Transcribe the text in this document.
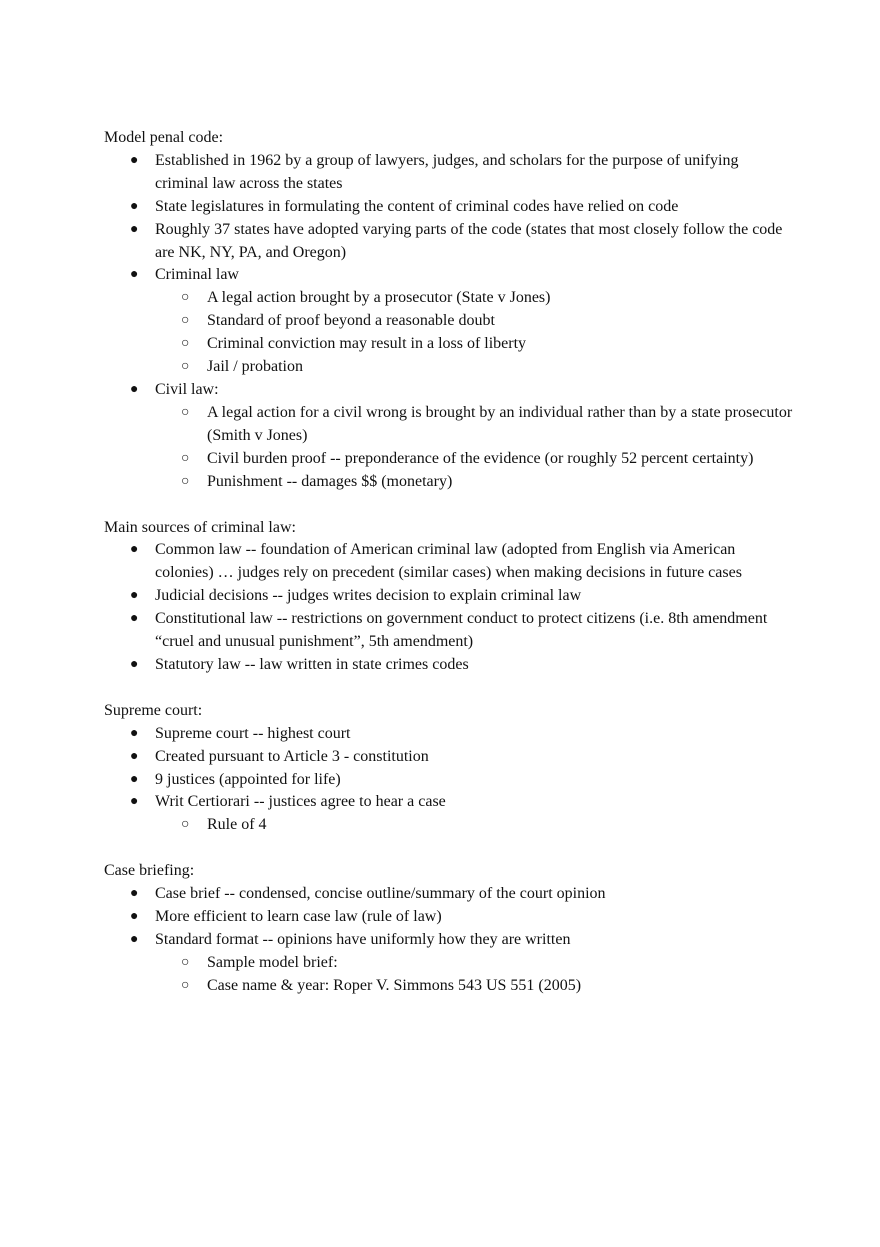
Model penal code:

●
Established in 1962 by a group of lawyers, judges, and scholars for the purpose of unifying criminal law across the states
●
State legislatures in formulating the content of criminal codes have relied on code
●
Roughly 37 states have adopted varying parts of the code (states that most closely follow the code are NK, NY, PA, and Oregon)
●
Criminal law
○
A legal action brought by a prosecutor (State v Jones)
○
Standard of proof beyond a reasonable doubt
○
Criminal conviction may result in a loss of liberty
○
Jail / probation
●
Civil law:
○
A legal action for a civil wrong is brought by an individual rather than by a state prosecutor (Smith v Jones)
○
Civil burden proof -- preponderance of the evidence (or roughly 52 percent certainty)
○
Punishment -- damages $$ (monetary)

Main sources of criminal law:

●
Common law -- foundation of American criminal law (adopted from English via American colonies) … judges rely on precedent (similar cases) when making decisions in future cases
●
Judicial decisions -- judges writes decision to explain criminal law
●
Constitutional law -- restrictions on government conduct to protect citizens (i.e. 8th amendment “cruel and unusual punishment”, 5th amendment)
●
Statutory law -- law written in state crimes codes

Supreme court:

●
Supreme court -- highest court
●
Created pursuant to Article 3 - constitution
●
9 justices (appointed for life)
●
Writ Certiorari -- justices agree to hear a case
○
Rule of 4

Case briefing:

●
Case brief -- condensed, concise outline/summary of the court opinion
●
More efficient to learn case law (rule of law)
●
Standard format -- opinions have uniformly how they are written
○
Sample model brief:
○
Case name & year: Roper V. Simmons 543 US 551 (2005)
